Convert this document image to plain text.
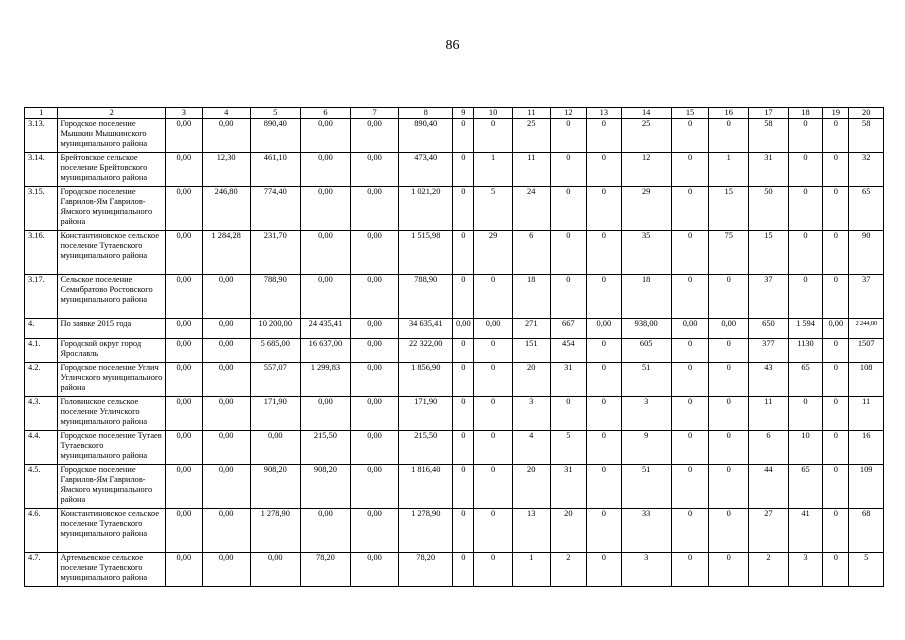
86
1	2	3	4	5	6	7	8	9	10	11	12	13	14	15	16	17	18	19	20
3.13.	Городское поселение Мышкин Мышкинского муниципального района	0,00	0,00	890,40	0,00	0,00	890,40	0	0	25	0	0	25	0	0	58	0	0	58
3.14.	Брейтовское сельское поселение Брейтовского муниципального района	0,00	12,30	461,10	0,00	0,00	473,40	0	1	11	0	0	12	0	1	31	0	0	32
3.15.	Городское поселение Гаврилов-Ям Гаврилов-Ямского муниципального района	0,00	246,80	774,40	0,00	0,00	1 021,20	0	5	24	0	0	29	0	15	50	0	0	65
3.16.	Константиновское сельское поселение Тутаевского муниципального района	0,00	1 284,28	231,70	0,00	0,00	1 515,98	0	29	6	0	0	35	0	75	15	0	0	90
3.17.	Сельское поселение Семибратово Ростовского муниципального района	0,00	0,00	788,90	0,00	0,00	788,90	0	0	18	0	0	18	0	0	37	0	0	37
4.	По заявке 2015 года	0,00	0,00	10 200,00	24 435,41	0,00	34 635,41	0,00	0,00	271	667	0,00	938,00	0,00	0,00	650	1 594	0,00	2 244,00
4.1.	Городской округ город Ярославль	0,00	0,00	5 685,00	16 637,00	0,00	22 322,00	0	0	151	454	0	605	0	0	377	1130	0	1507
4.2.	Городское поселение Углич Угличского муниципального района	0,00	0,00	557,07	1 299,83	0,00	1 856,90	0	0	20	31	0	51	0	0	43	65	0	108
4.3.	Головинское сельское поселение Угличского муниципального района	0,00	0,00	171,90	0,00	0,00	171,90	0	0	3	0	0	3	0	0	11	0	0	11
4.4.	Городское поселение Тутаев Тутаевского муниципального района	0,00	0,00	0,00	215,50	0,00	215,50	0	0	4	5	0	9	0	0	6	10	0	16
4.5.	Городское поселение Гаврилов-Ям Гаврилов-Ямского муниципального района	0,00	0,00	908,20	908,20	0,00	1 816,40	0	0	20	31	0	51	0	0	44	65	0	109
4.6.	Константиновское сельское поселение Тутаевского муниципального района	0,00	0,00	1 278,90	0,00	0,00	1 278,90	0	0	13	20	0	33	0	0	27	41	0	68
4.7.	Артемьевское сельское поселение Тутаевского муниципального района	0,00	0,00	0,00	78,20	0,00	78,20	0	0	1	2	0	3	0	0	2	3	0	5
